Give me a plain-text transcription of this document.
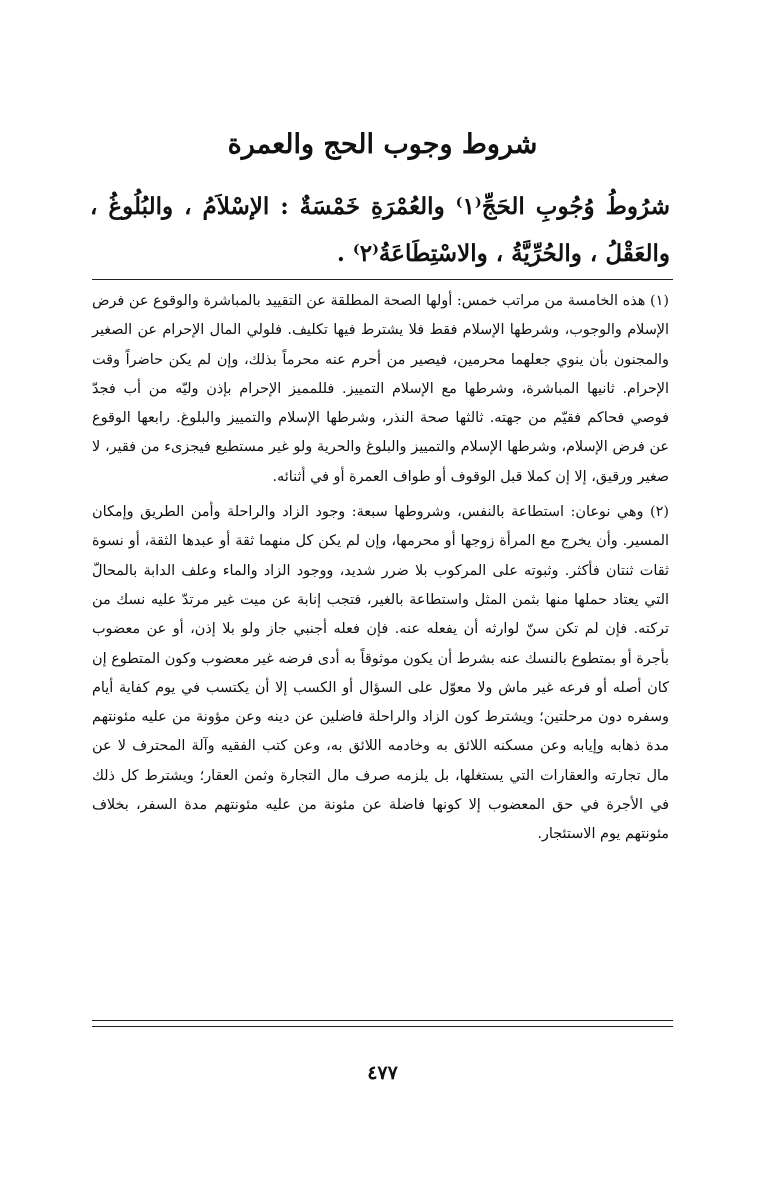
شروط وجوب الحج والعمرة

شرُوطُ وُجُوبِ الحَجِّ⁽١⁾ والعُمْرَةِ خَمْسَةٌ : الإسْلاَمُ ، والبُلُوغُ ، والعَقْلُ ، والحُرِّيَّةُ ، والاسْتِطَاعَةُ⁽٢⁾ .

(١) هذه الخامسة من مراتب خمس: أولها الصحة المطلقة عن التقييد بالمباشرة والوقوع عن فرض الإسلام والوجوب، وشرطها الإسلام فقط فلا يشترط فيها تكليف. فلولي المال الإحرام عن الصغير والمجنون بأن ينوي جعلهما محرمين، فيصير من أحرم عنه محرماً بذلك، وإن لم يكن حاضراً وقت الإحرام. ثانيها المباشرة، وشرطها مع الإسلام التمييز. فللمميز الإحرام بإذن وليّه من أب فجدّ فوصي فحاكم فقيّم من جهته. ثالثها صحة النذر، وشرطها الإسلام والتمييز والبلوغ. رابعها الوقوع عن فرض الإسلام، وشرطها الإسلام والتمييز والبلوغ والحرية ولو غير مستطيع فيجزىء من فقير، لا صغير ورقيق، إلا إن كملا قبل الوقوف أو طواف العمرة أو في أثنائه.

(٢) وهي نوعان: استطاعة بالنفس، وشروطها سبعة: وجود الزاد والراحلة وأمن الطريق وإمكان المسير. وأن يخرج مع المرأة زوجها أو محرمها، وإن لم يكن كل منهما ثقة أو عبدها الثقة، أو نسوة ثقات ثنتان فأكثر. وثبوته على المركوب بلا ضرر شديد، ووجود الزاد والماء وعلف الدابة بالمحالّ التي يعتاد حملها منها بثمن المثل واستطاعة بالغير، فتجب إنابة عن ميت غير مرتدّ عليه نسك من تركته. فإن لم تكن سنّ لوارثه أن يفعله عنه. فإن فعله أجنبي جاز ولو بلا إذن، أو عن معضوب بأجرة أو بمتطوع بالنسك عنه بشرط أن يكون موثوقاً به أدى فرضه غير معضوب وكون المتطوع إن كان أصله أو فرعه غير ماش ولا معوّل على السؤال أو الكسب إلا أن يكتسب في يوم كفاية أيام وسفره دون مرحلتين؛ ويشترط كون الزاد والراحلة فاضلين عن دينه وعن مؤونة من عليه مئونتهم مدة ذهابه وإيابه وعن مسكنه اللائق به وخادمه اللائق به، وعن كتب الفقيه وآلة المحترف لا عن مال تجارته والعقارات التي يستغلها، بل يلزمه صرف مال التجارة وثمن العقار؛ ويشترط كل ذلك في الأجرة في حق المعضوب إلا كونها فاضلة عن مئونة من عليه مئونتهم مدة السفر، بخلاف مئونتهم يوم الاستئجار.

٤٧٧
